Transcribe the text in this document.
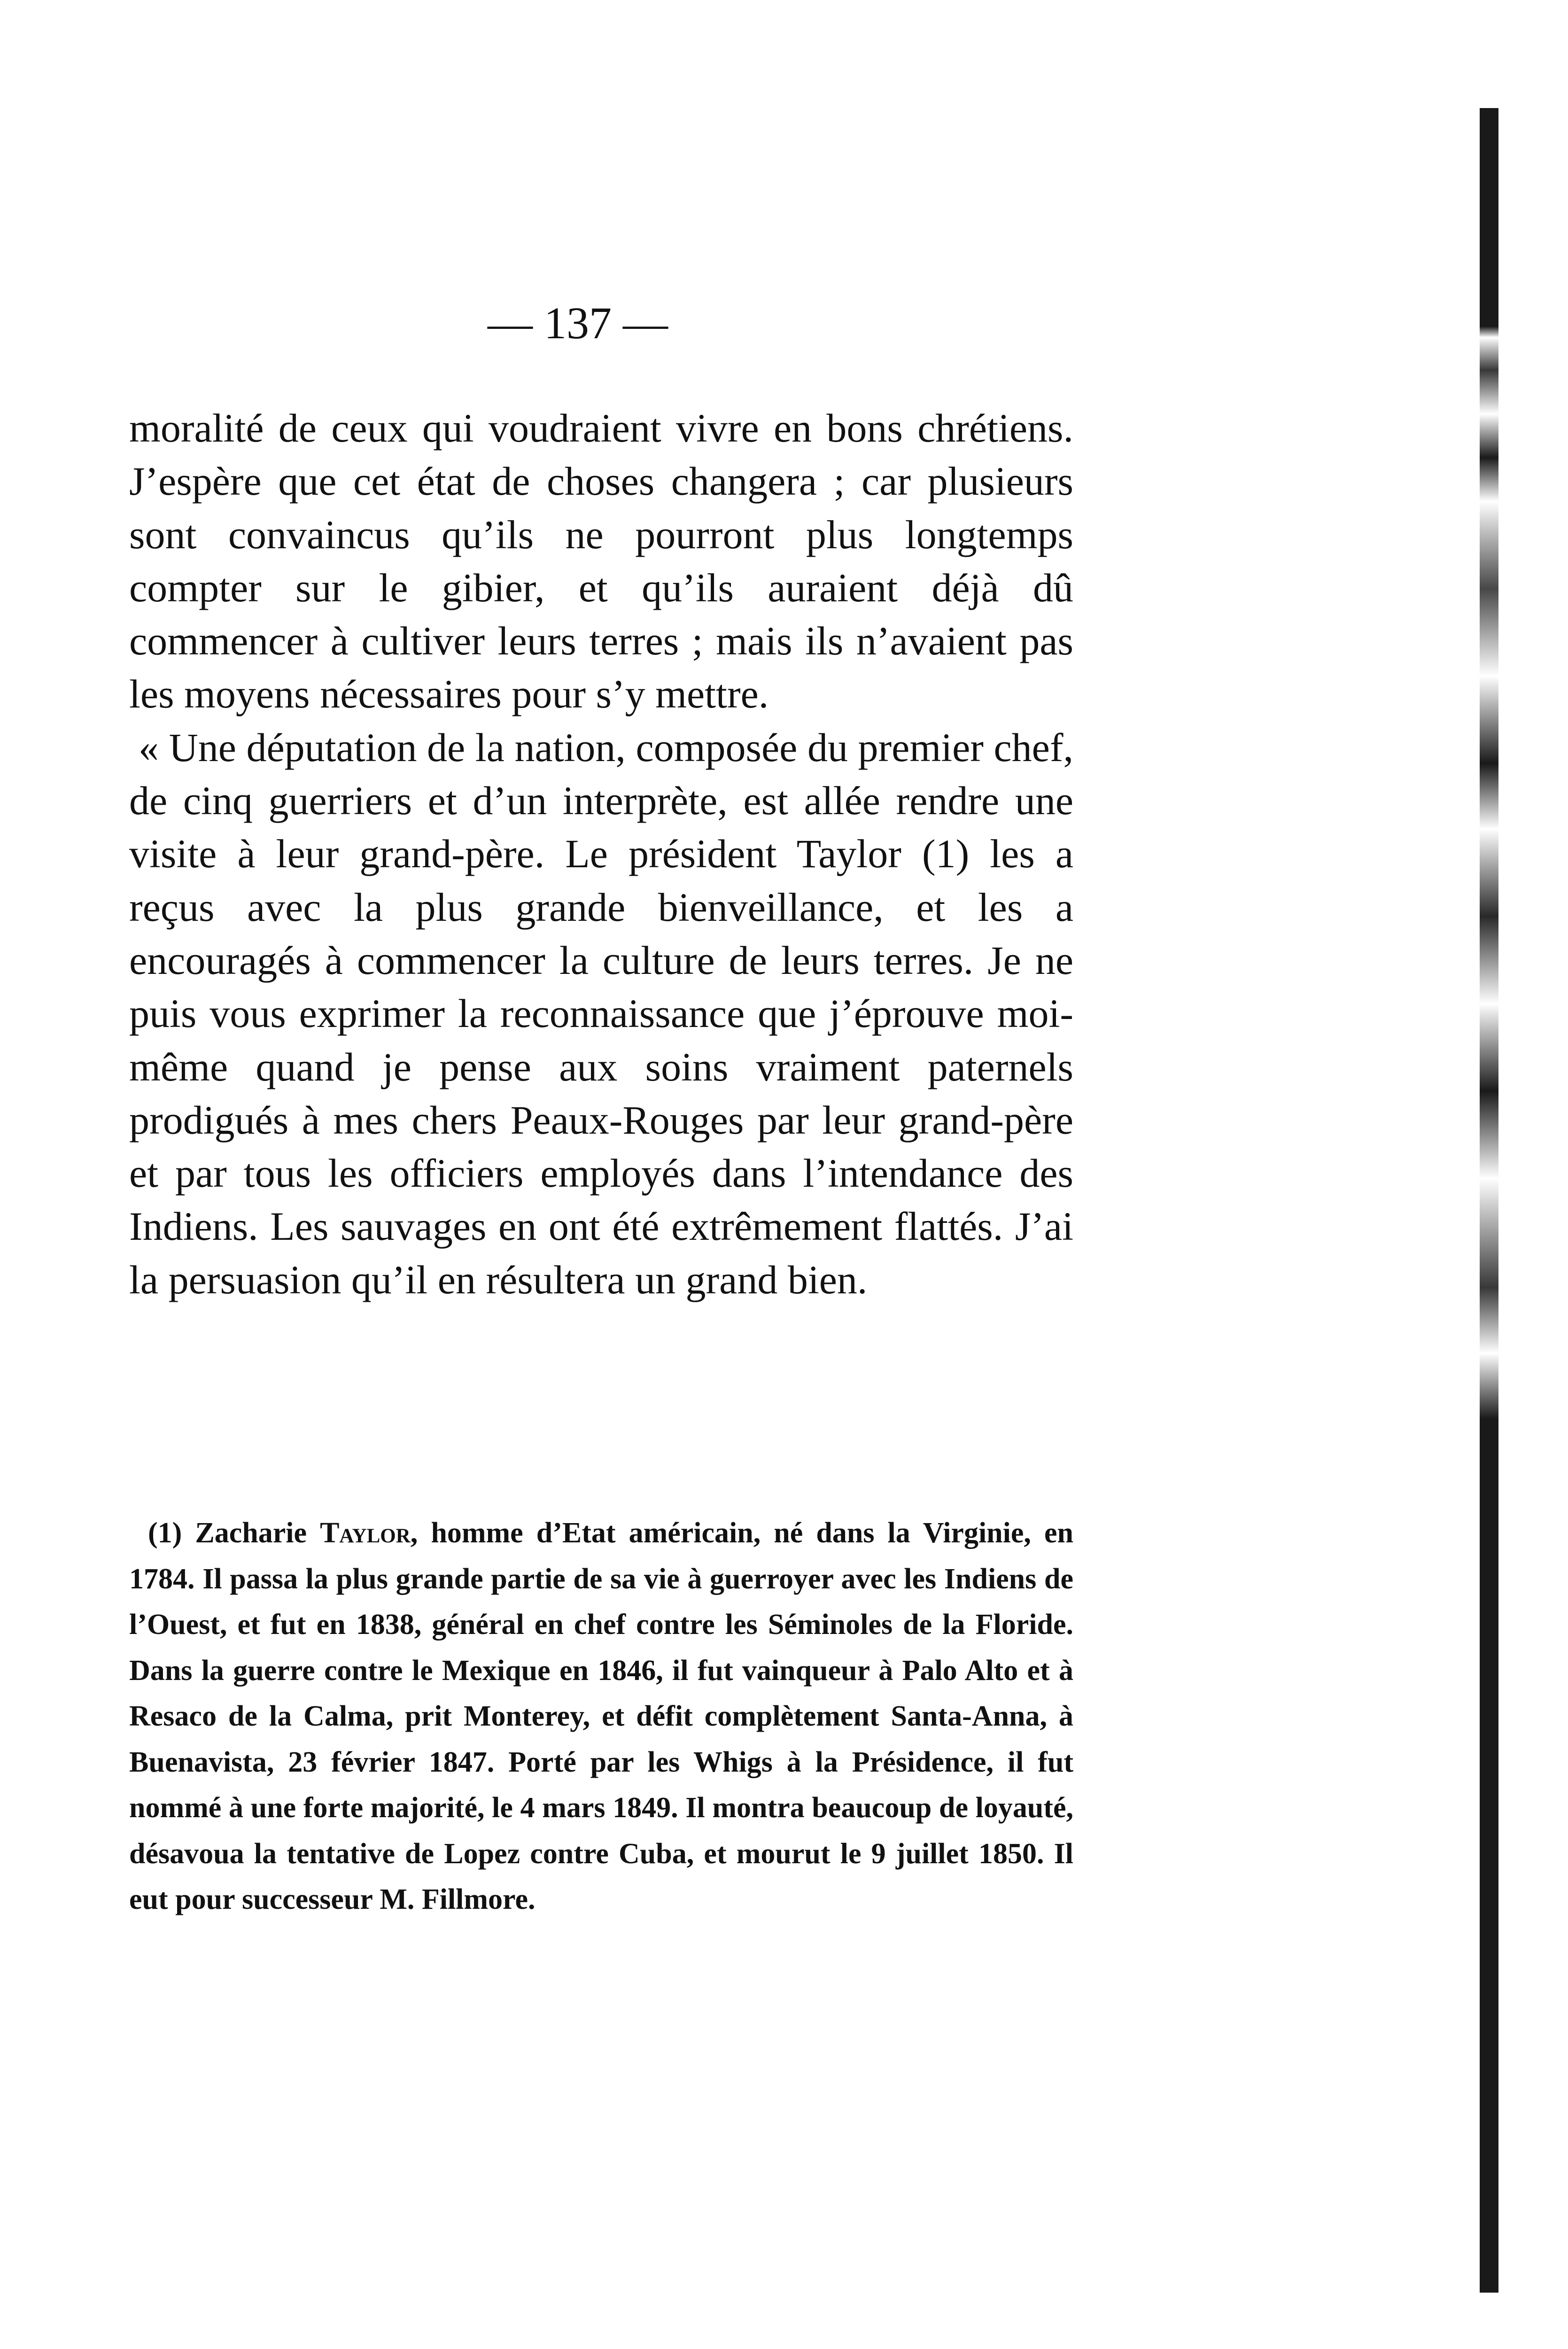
— 137 —

moralité de ceux qui voudraient vivre en bons chrétiens. J’espère que cet état de choses changera ; car plusieurs sont convaincus qu’ils ne pourront plus longtemps compter sur le gibier, et qu’ils auraient déjà dû commencer à cultiver leurs terres ; mais ils n’avaient pas les moyens nécessaires pour s’y mettre.

« Une députation de la nation, composée du premier chef, de cinq guerriers et d’un interprète, est allée rendre une visite à leur grand-père. Le président Taylor (1) les a reçus avec la plus grande bienveillance, et les a encouragés à commencer la culture de leurs terres. Je ne puis vous exprimer la reconnaissance que j’éprouve moi-même quand je pense aux soins vraiment paternels prodigués à mes chers Peaux-Rouges par leur grand-père et par tous les officiers employés dans l’intendance des Indiens. Les sauvages en ont été extrêmement flattés. J’ai la persuasion qu’il en résultera un grand bien.

(1) Zacharie Taylor, homme d’Etat américain, né dans la Virginie, en 1784. Il passa la plus grande partie de sa vie à guerroyer avec les Indiens de l’Ouest, et fut en 1838, général en chef contre les Séminoles de la Floride. Dans la guerre contre le Mexique en 1846, il fut vainqueur à Palo Alto et à Resaco de la Calma, prit Monterey, et défit complètement Santa-Anna, à Buenavista, 23 février 1847. Porté par les Whigs à la Présidence, il fut nommé à une forte majorité, le 4 mars 1849. Il montra beaucoup de loyauté, désavoua la tentative de Lopez contre Cuba, et mourut le 9 juillet 1850. Il eut pour successeur M. Fillmore.
